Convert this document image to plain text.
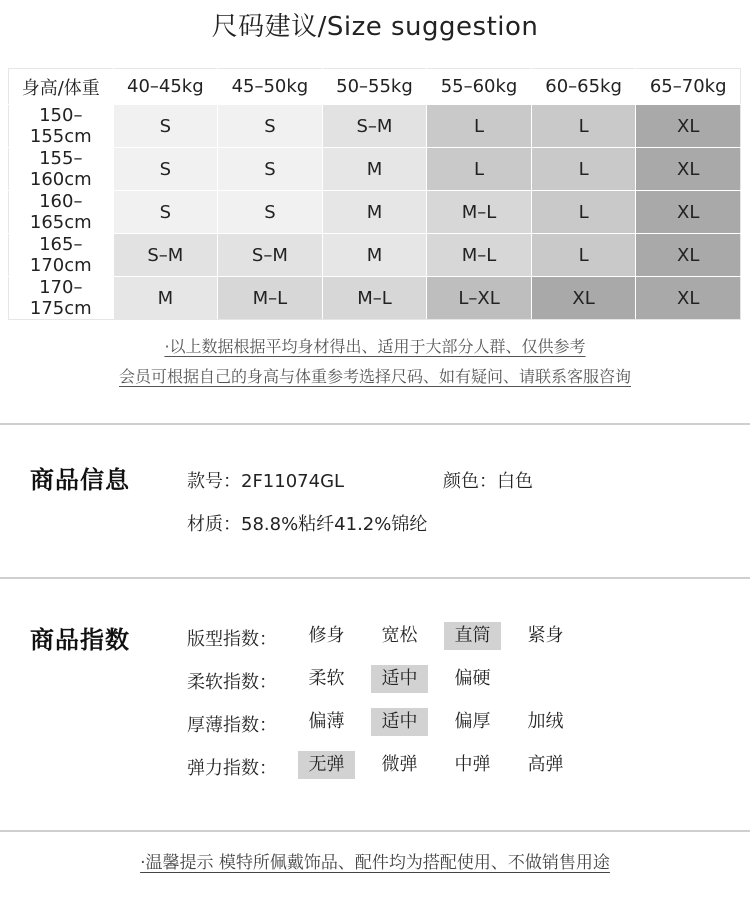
尺码建议/Size suggestion
身高/体重	40–45kg	45–50kg	50–55kg	55–60kg	60–65kg	65–70kg
150–155cm	S	S	S–M	L	L	XL
155–160cm	S	S	M	L	L	XL
160–165cm	S	S	M	M–L	L	XL
165–170cm	S–M	S–M	M	M–L	L	XL
170–175cm	M	M–L	M–L	L–XL	XL	XL
·以上数据根据平均身材得出、适用于大部分人群、仅供参考
会员可根据自己的身高与体重参考选择尺码、如有疑问、请联系客服咨询
商品信息	款号：2F11074GL	颜色：白色
材质：58.8%粘纤41.2%锦纶
商品指数	版型指数：	修身	宽松	直筒	紧身
柔软指数：	柔软	适中	偏硬
厚薄指数：	偏薄	适中	偏厚	加绒
弹力指数：	无弹	微弹	中弹	高弹
·温馨提示 模特所佩戴饰品、配件均为搭配使用、不做销售用途
